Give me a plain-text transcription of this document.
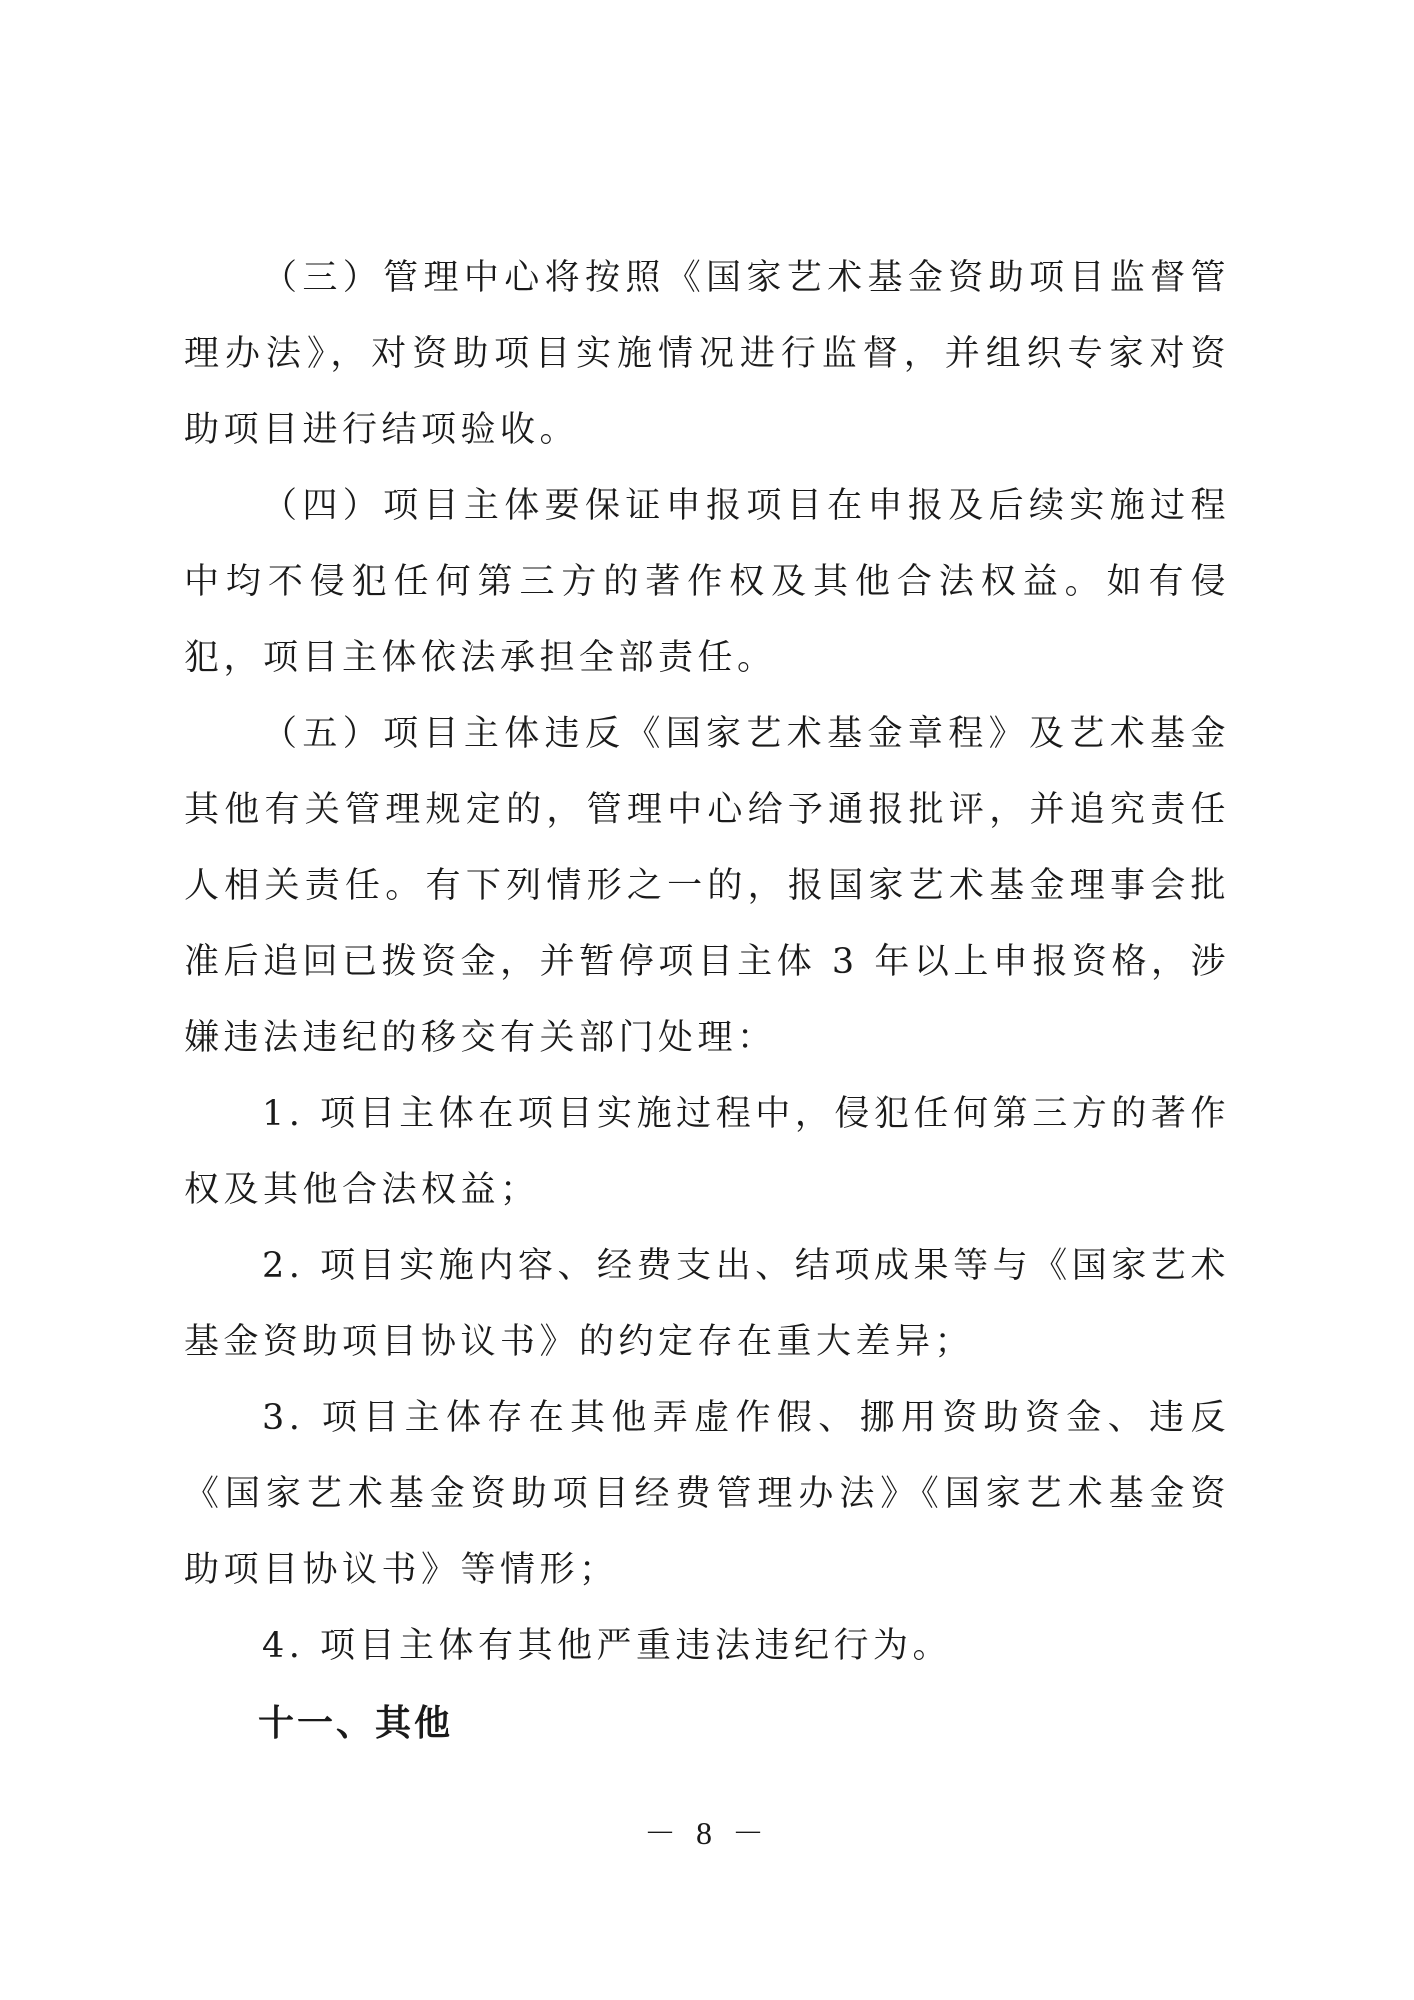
（三）管理中心将按照《国家艺术基金资助项目监督管理办法》，对资助项目实施情况进行监督，并组织专家对资助项目进行结项验收。

（四）项目主体要保证申报项目在申报及后续实施过程中均不侵犯任何第三方的著作权及其他合法权益。如有侵犯，项目主体依法承担全部责任。

（五）项目主体违反《国家艺术基金章程》及艺术基金其他有关管理规定的，管理中心给予通报批评，并追究责任人相关责任。有下列情形之一的，报国家艺术基金理事会批准后追回已拨资金，并暂停项目主体 3 年以上申报资格，涉嫌违法违纪的移交有关部门处理：

1. 项目主体在项目实施过程中，侵犯任何第三方的著作权及其他合法权益；

2. 项目实施内容、经费支出、结项成果等与《国家艺术基金资助项目协议书》的约定存在重大差异；

3. 项目主体存在其他弄虚作假、挪用资助资金、违反《国家艺术基金资助项目经费管理办法》《国家艺术基金资助项目协议书》等情形；

4. 项目主体有其他严重违法违纪行为。

十一、其他

－ 8 －
